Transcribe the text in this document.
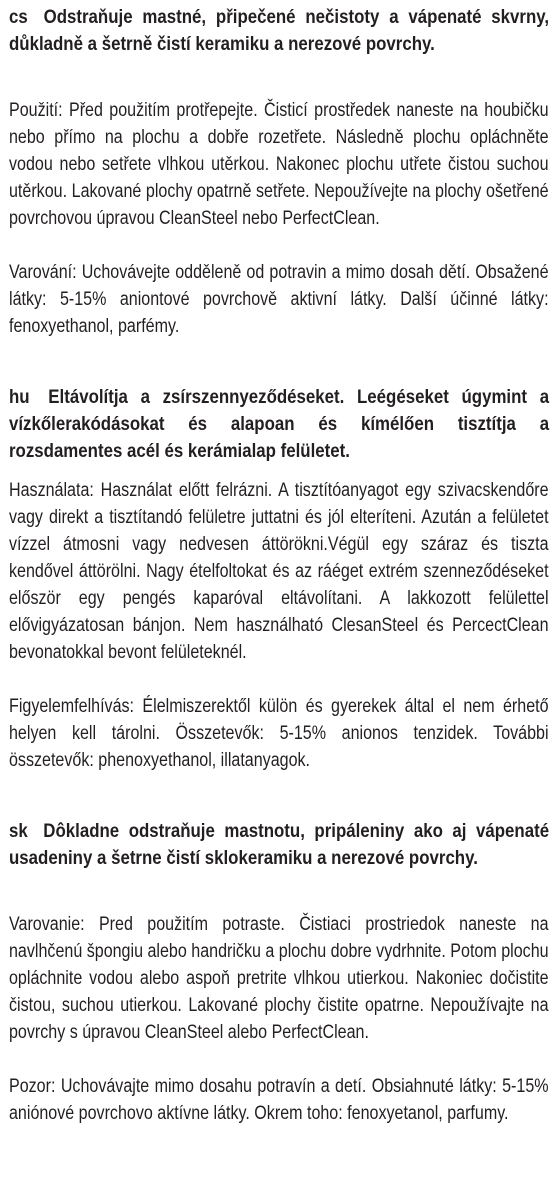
cs Odstraňuje mastné, připečené nečistoty a vápenaté skvrny, důkladně a šetrně čistí keramiku a nerezové povrchy.

Použití: Před použitím protřepejte. Čisticí prostředek naneste na houbičku nebo přímo na plochu a dobře rozetřete. Následně plochu opláchněte vodou nebo setřete vlhkou utěrkou. Nakonec plochu utřete čistou suchou utěrkou. Lakované plochy opatrně setřete. Nepoužívejte na plochy ošetřené povrchovou úpravou CleanSteel nebo PerfectClean.

Varování: Uchovávejte odděleně od potravin a mimo dosah dětí. Obsažené látky: 5-15% aniontové povrchově aktivní látky. Další účinné látky: fenoxyethanol, parfémy.

hu Eltávolítja a zsírszennyeződéseket. Leégéseket úgymint a vízkőlerakódásokat és alapoan és kímélően tisztítja a rozsdamentes acél és kerámialap felületet.

Használata: Használat előtt felrázni. A tisztítóanyagot egy szivacskendőre vagy direkt a tisztítandó felületre juttatni és jól elteríteni. Azután a felületet vízzel átmosni vagy nedvesen áttörökni.Végül egy száraz és tiszta kendővel áttörölni. Nagy ételfoltokat és az ráéget extrém szenneződéseket először egy pengés kaparóval eltávolítani. A lakkozott felülettel elővigyázatosan bánjon. Nem használható ClesanSteel és PercectClean bevonatokkal bevont felületeknél.

Figyelemfelhívás: Élelmiszerektől külön és gyerekek által el nem érhető helyen kell tárolni. Összetevők: 5-15% anionos tenzidek. További összetevők: phenoxyethanol, illatanyagok.

sk Dôkladne odstraňuje mastnotu, pripáleniny ako aj vápenaté usadeniny a šetrne čistí sklokeramiku a nerezové povrchy.

Varovanie: Pred použitím potraste. Čistiaci prostriedok naneste na navlhčenú špongiu alebo handričku a plochu dobre vydrhnite. Potom plochu opláchnite vodou alebo aspoň pretrite vlhkou utierkou. Nakoniec dočistite čistou, suchou utierkou. Lakované plochy čistite opatrne. Nepoužívajte na povrchy s úpravou CleanSteel alebo PerfectClean.

Pozor: Uchovávajte mimo dosahu potravín a detí. Obsiahnuté látky: 5-15% aniónové povrchovo aktívne látky. Okrem toho: fenoxyetanol, parfumy.
